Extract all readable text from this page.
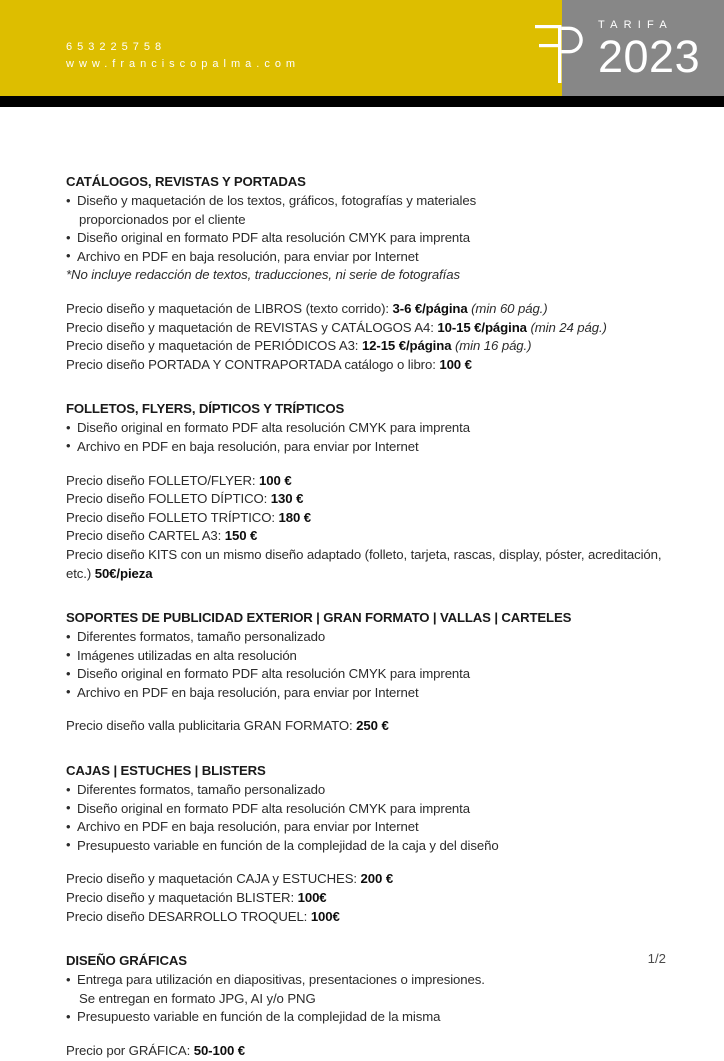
653225758
www.franciscopalma.com
TARIFA
2023
CATÁLOGOS, REVISTAS Y PORTADAS
• Diseño y maquetación de los textos, gráficos, fotografías y materiales
proporcionados por el cliente
• Diseño original en formato PDF alta resolución CMYK para imprenta
• Archivo en PDF en baja resolución, para enviar por Internet
*No incluye redacción de textos, traducciones, ni serie de fotografías
Precio diseño y maquetación de LIBROS (texto corrido): 3-6 €/página (min 60 pág.)
Precio diseño y maquetación de REVISTAS y CATÁLOGOS A4: 10-15 €/página (min 24 pág.)
Precio diseño y maquetación de PERIÓDICOS A3: 12-15 €/página (min 16 pág.)
Precio diseño PORTADA Y CONTRAPORTADA catálogo o libro: 100 €
FOLLETOS, FLYERS, DÍPTICOS Y TRÍPTICOS
• Diseño original en formato PDF alta resolución CMYK para imprenta
• Archivo en PDF en baja resolución, para enviar por Internet
Precio diseño FOLLETO/FLYER: 100 €
Precio diseño FOLLETO DÍPTICO: 130 €
Precio diseño FOLLETO TRÍPTICO: 180 €
Precio diseño CARTEL A3: 150 €
Precio diseño KITS con un mismo diseño adaptado (folleto, tarjeta, rascas, display, póster, acreditación, etc.) 50€/pieza
SOPORTES DE PUBLICIDAD EXTERIOR | GRAN FORMATO | VALLAS | CARTELES
• Diferentes formatos, tamaño personalizado
• Imágenes utilizadas en alta resolución
• Diseño original en formato PDF alta resolución CMYK para imprenta
• Archivo en PDF en baja resolución, para enviar por Internet
Precio diseño valla publicitaria GRAN FORMATO: 250 €
CAJAS | ESTUCHES | BLISTERS
• Diferentes formatos, tamaño personalizado
• Diseño original en formato PDF alta resolución CMYK para imprenta
• Archivo en PDF en baja resolución, para enviar por Internet
• Presupuesto variable en función de la complejidad de la caja y del diseño
Precio diseño y maquetación CAJA y ESTUCHES: 200 €
Precio diseño y maquetación BLISTER: 100€
Precio diseño DESARROLLO TROQUEL: 100€
DISEÑO GRÁFICAS
• Entrega para utilización en diapositivas, presentaciones o impresiones.
Se entregan en formato JPG, AI y/o PNG
• Presupuesto variable en función de la complejidad de la misma
Precio por GRÁFICA: 50-100 €
1/2
